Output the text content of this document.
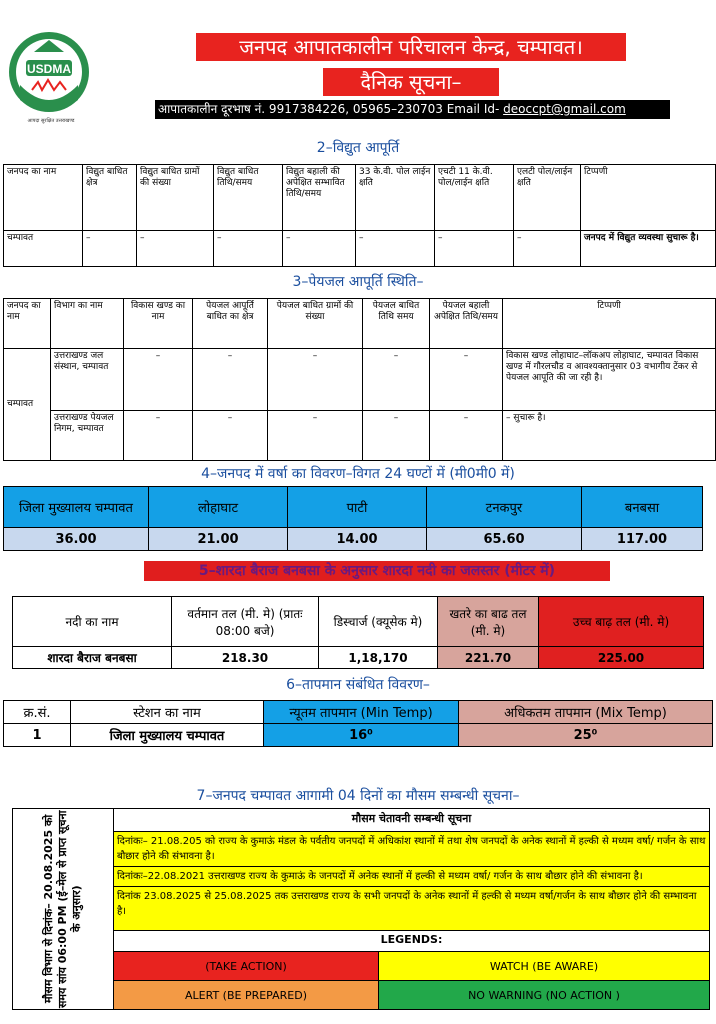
USDMA
आपदा सुरक्षित उत्तराखण्ड
जनपद आपातकालीन परिचालन केन्द्र, चम्पावत।
दैनिक सूचना–
आपातकालीन दूरभाष नं. 9917384226, 05965–230703 Email Id- deoccpt@gmail.com
2–विद्युत आपूर्ति
जनपद का नाम	विद्युत बाधित क्षेत्र	विद्युत बाधित ग्रामों की संख्या	विद्युत बाधित तिथि/समय	विद्युत बहाली की अपेक्षित सम्भावित तिथि/समय	33 के.वी. पोल लाईन क्षति	एचटी 11 के.वी. पोल/लाईन क्षति	एलटी पोल/लाईन क्षति	टिप्पणी
चम्पावत	–	–	–	–	–	–	–	जनपद में विद्युत व्यवस्था सुचारू है।
3–पेयजल आपूर्ति स्थिति–
जनपद का नाम	विभाग का नाम	विकास खण्ड का नाम	पेयजल आपूर्ति बाधित का क्षेत्र	पेयजल बाधित ग्रामों की संख्या	पेयजल बाधित तिथि समय	पेयजल बहाली अपेक्षित तिथि/समय	टिप्पणी
चम्पावत	उत्तराखण्ड जल संस्थान, चम्पावत	–	–	–	–	–	विकास खण्ड लोहाघाट–लॉकअप लोहाघाट, चम्पावत विकास खण्ड में गौरलचौड व आवश्यक्तानुसार 03 वभागीय टेंकर से पेयजल आपूति की जा रही है।
	उत्तराखण्ड पेयजल निगम, चम्पावत	–	–	–	–	–	– सुचारू है।
4–जनपद में वर्षा का विवरण–विगत 24 घण्टों में (मी0मी0 में)
जिला मुख्यालय चम्पावत	लोहाघाट	पाटी	टनकपुर	बनबसा
36.00	21.00	14.00	65.60	117.00
5–शारदा बैराज बनबसा के अनुसार शारदा नदी का जलस्तर (मीटर में)
नदी का नाम	वर्तमान तल (मी. मे) (प्रातः 08:00 बजे)	डिस्चार्ज (क्यूसेक मे)	खतरे का बाढ तल (मी. मे)	उच्च बाढ़ तल (मी. मे)
शारदा बैराज बनबसा	218.30	1,18,170	221.70	225.00
6–तापमान संबंधित विवरण–
क्र.सं.	स्टेशन का नाम	न्यूतम तापमान (Min Temp)	अधिकतम तापमान (Mix Temp)
1	जिला मुख्यालय चम्पावत	16⁰	25⁰
7–जनपद चम्पावत आगामी 04 दिनों का मौसम सम्बन्धी सूचना–
मौसम विभाग से दिनांक– 20.08.2025 को समय सांय 06:00 PM (ई–मेल से प्राप्त सूचना के अनुसार)	मौसम चेतावनी सम्बन्धी सूचना	

	दिनांकः– 21.08.205 को राज्य के कुमाऊं मंडल के पर्वतीय जनपदों में अधिकांश स्थानों में तथा शेष जनपदों के अनेक स्थानों में हल्की से मध्यम वर्षा/ गर्जन के साथ बौछार होने की संभावना है।
दिनांकः–22.08.2021 उत्तराखण्ड राज्य के कुमाऊं के जनपदों में अनेक स्थानों में हल्की से मध्यम वर्षा/ गर्जन के साथ बौछार होने की संभावना है।
दिनांक 23.08.2025 से 25.08.2025 तक उत्तराखण्ड राज्य के सभी जनपदों के अनेक स्थानों में हल्की से मध्यम वर्षा/गर्जन के साथ बौछार होने की सम्भावना है।	

	LEGENDS:	
	(TAKE ACTION)	WATCH (BE AWARE)
	ALERT (BE PREPARED)	NO WARNING (NO ACTION )
